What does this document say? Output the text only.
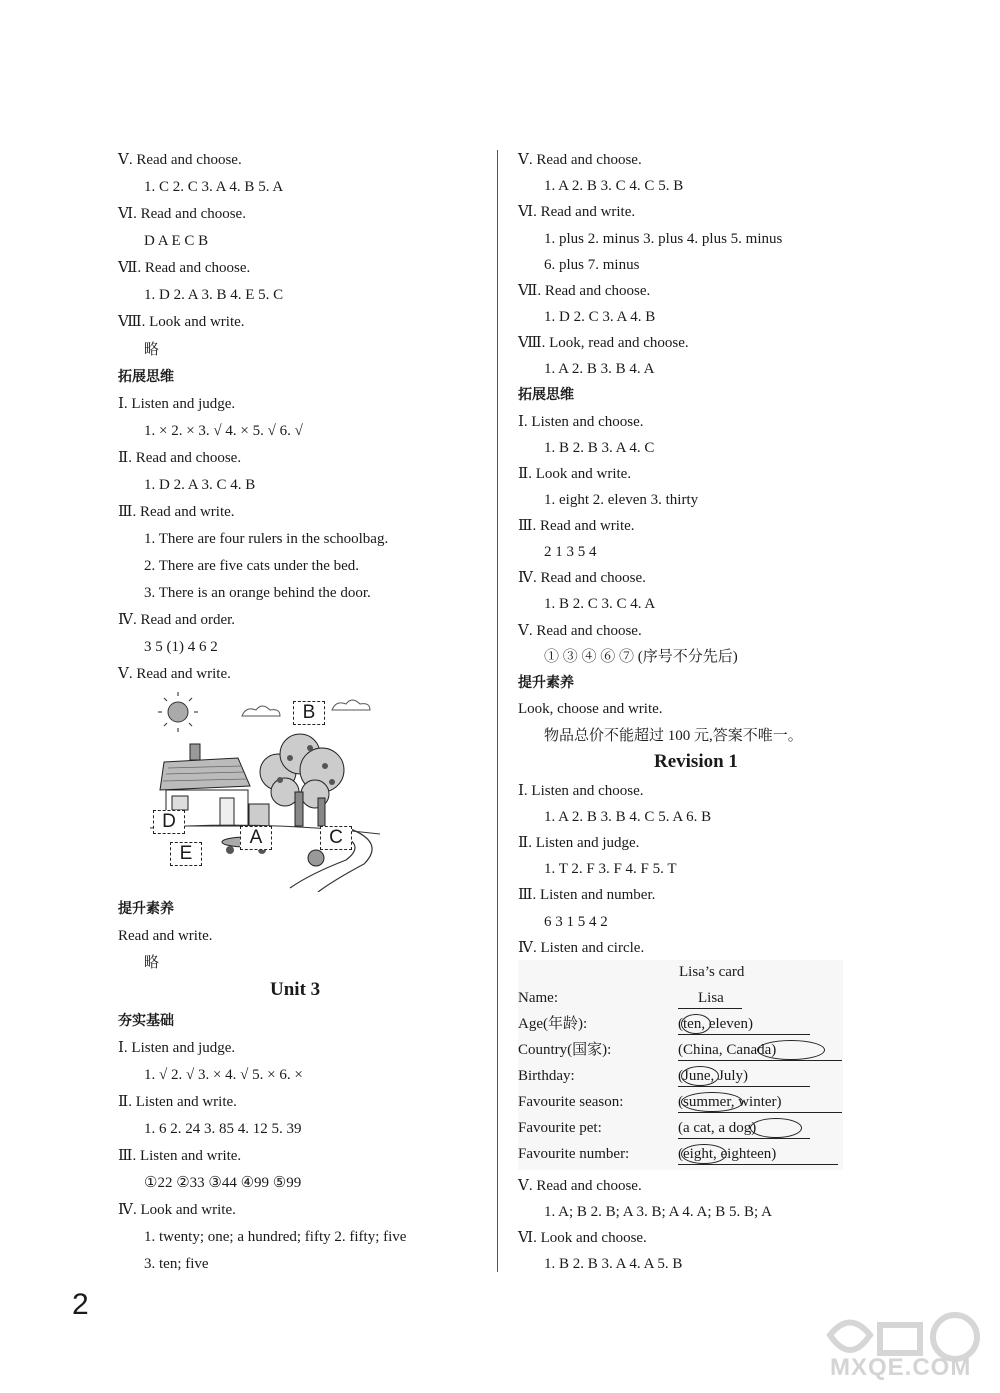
Ⅴ. Read and choose.
1. C 2. C 3. A 4. B 5. A
Ⅵ. Read and choose.
D A E C B
Ⅶ. Read and choose.
1. D 2. A 3. B 4. E 5. C
Ⅷ. Look and write.
略
拓展思维
Ⅰ. Listen and judge.
1. × 2. × 3. √ 4. × 5. √ 6. √
Ⅱ. Read and choose.
1. D 2. A 3. C 4. B
Ⅲ. Read and write.
1. There are four rulers in the schoolbag.
2. There are five cats under the bed.
3. There is an orange behind the door.
Ⅳ. Read and order.
3 5 (1) 4 6 2
Ⅴ. Read and write.
B
D
A	C
E
提升素养
Read and write.
略
Unit 3
夯实基础
Ⅰ. Listen and judge.
1. √ 2. √ 3. × 4. √ 5. × 6. ×
Ⅱ. Listen and write.
1. 6 2. 24 3. 85 4. 12 5. 39
Ⅲ. Listen and write.
①22 ②33 ③44 ④99 ⑤99
Ⅳ. Look and write.
1. twenty; one; a hundred; fifty 2. fifty; five
3. ten; five
Ⅴ. Read and choose.
1. A 2. B 3. C 4. C 5. B
Ⅵ. Read and write.
1. plus 2. minus 3. plus 4. plus 5. minus
6. plus 7. minus
Ⅶ. Read and choose.
1. D 2. C 3. A 4. B
Ⅷ. Look, read and choose.
1. A 2. B 3. B 4. A
拓展思维
Ⅰ. Listen and choose.
1. B 2. B 3. A 4. C
Ⅱ. Look and write.
1. eight 2. eleven 3. thirty
Ⅲ. Read and write.
2 1 3 5 4
Ⅳ. Read and choose.
1. B 2. C 3. C 4. A
Ⅴ. Read and choose.
① ③ ④ ⑥ ⑦ (序号不分先后)
提升素养
Look, choose and write.
物品总价不能超过 100 元,答案不唯一。
Revision 1
Ⅰ. Listen and choose.
1. A 2. B 3. B 4. C 5. A 6. B
Ⅱ. Listen and judge.
1. T 2. F 3. F 4. F 5. T
Ⅲ. Listen and number.
6 3 1 5 4 2
Ⅳ. Listen and circle.
Lisa’s card
Name:	Lisa
Age(年龄):	(ten, eleven)
Country(国家):	(China, Canada)
Birthday:	(June, July)
Favourite season:	(summer, winter)
Favourite pet:	(a cat, a dog)
Favourite number:	(eight, eighteen)
Ⅴ. Read and choose.
1. A; B 2. B; A 3. B; A 4. A; B 5. B; A
Ⅵ. Look and choose.
1. B 2. B 3. A 4. A 5. B
2
MXQE.COM
